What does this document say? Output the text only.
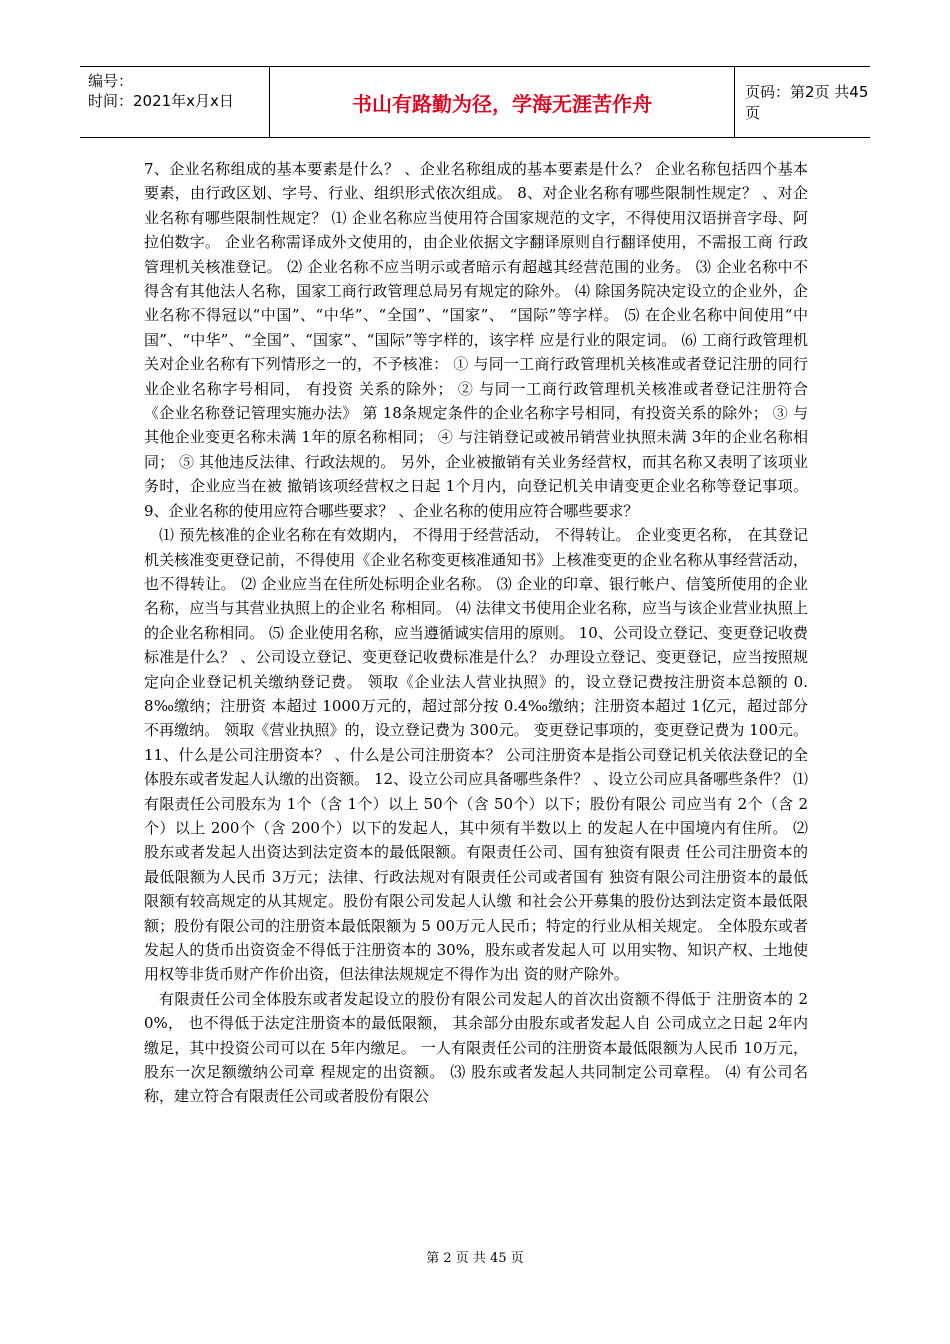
编号：
时间：2021年x月x日	书山有路勤为径，学海无涯苦作舟	页码：第2页 共45页

7、企业名称组成的基本要素是什么？ 、企业名称组成的基本要素是什么？ 企业名称包括四个基本要素，由行政区划、字号、行业、组织形式依次组成。 8、对企业名称有哪些限制性规定？ 、对企业名称有哪些限制性规定？ ⑴ 企业名称应当使用符合国家规范的文字，不得使用汉语拼音字母、阿拉伯数字。 企业名称需译成外文使用的，由企业依据文字翻译原则自行翻译使用，不需报工商 行政管理机关核准登记。 ⑵ 企业名称不应当明示或者暗示有超越其经营范围的业务。 ⑶ 企业名称中不得含有其他法人名称，国家工商行政管理总局另有规定的除外。 ⑷ 除国务院决定设立的企业外，企业名称不得冠以“中国”、“中华”、“全国”、“国家”、 “国际”等字样。 ⑸ 在企业名称中间使用“中国”、“中华”、“全国”、“国家”、“国际”等字样的，该字样 应是行业的限定词。 ⑹ 工商行政管理机关对企业名称有下列情形之一的，不予核准： ① 与同一工商行政管理机关核准或者登记注册的同行业企业名称字号相同， 有投资 关系的除外； ② 与同一工商行政管理机关核准或者登记注册符合《企业名称登记管理实施办法》 第 18条规定条件的企业名称字号相同，有投资关系的除外； ③ 与其他企业变更名称未满 1年的原名称相同； ④ 与注销登记或被吊销营业执照未满 3年的企业名称相同； ⑤ 其他违反法律、行政法规的。 另外，企业被撤销有关业务经营权，而其名称又表明了该项业务时，企业应当在被 撤销该项经营权之日起 1个月内，向登记机关申请变更企业名称等登记事项。 9、企业名称的使用应符合哪些要求？ 、企业名称的使用应符合哪些要求？

⑴ 预先核准的企业名称在有效期内， 不得用于经营活动， 不得转让。 企业变更名称， 在其登记机关核准变更登记前，不得使用《企业名称变更核准通知书》上核准变更的企业名称从事经营活动，也不得转让。 ⑵ 企业应当在住所处标明企业名称。 ⑶ 企业的印章、银行帐户、信笺所使用的企业名称，应当与其营业执照上的企业名 称相同。 ⑷ 法律文书使用企业名称，应当与该企业营业执照上的企业名称相同。 ⑸ 企业使用名称，应当遵循诚实信用的原则。 10、公司设立登记、变更登记收费标准是什么？ 、公司设立登记、变更登记收费标准是什么？ 办理设立登记、变更登记，应当按照规定向企业登记机关缴纳登记费。 领取《企业法人营业执照》的，设立登记费按注册资本总额的 0.8‰缴纳；注册资 本超过 1000万元的，超过部分按 0.4‰缴纳；注册资本超过 1亿元，超过部分不再缴纳。 领取《营业执照》的，设立登记费为 300元。 变更登记事项的，变更登记费为 100元。 11、什么是公司注册资本？ 、什么是公司注册资本？ 公司注册资本是指公司登记机关依法登记的全体股东或者发起人认缴的出资额。 12、设立公司应具备哪些条件？ 、设立公司应具备哪些条件？ ⑴ 有限责任公司股东为 1个（含 1个）以上 50个（含 50个）以下；股份有限公 司应当有 2个（含 2个）以上 200个（含 200个）以下的发起人，其中须有半数以上 的发起人在中国境内有住所。 ⑵ 股东或者发起人出资达到法定资本的最低限额。有限责任公司、国有独资有限责 任公司注册资本的最低限额为人民币 3万元；法律、行政法规对有限责任公司或者国有 独资有限公司注册资本的最低限额有较高规定的从其规定。股份有限公司发起人认缴 和社会公开募集的股份达到法定资本最低限额；股份有限公司的注册资本最低限额为 5 00万元人民币；特定的行业从相关规定。 全体股东或者发起人的货币出资资金不得低于注册资本的 30%，股东或者发起人可 以用实物、知识产权、土地使用权等非货币财产作价出资，但法律法规规定不得作为出 资的财产除外。

有限责任公司全体股东或者发起设立的股份有限公司发起人的首次出资额不得低于 注册资本的 20%， 也不得低于法定注册资本的最低限额， 其余部分由股东或者发起人自 公司成立之日起 2年内缴足，其中投资公司可以在 5年内缴足。 一人有限责任公司的注册资本最低限额为人民币 10万元， 股东一次足额缴纳公司章 程规定的出资额。 ⑶ 股东或者发起人共同制定公司章程。 ⑷ 有公司名称，建立符合有限责任公司或者股份有限公

第 2 页 共 45 页
